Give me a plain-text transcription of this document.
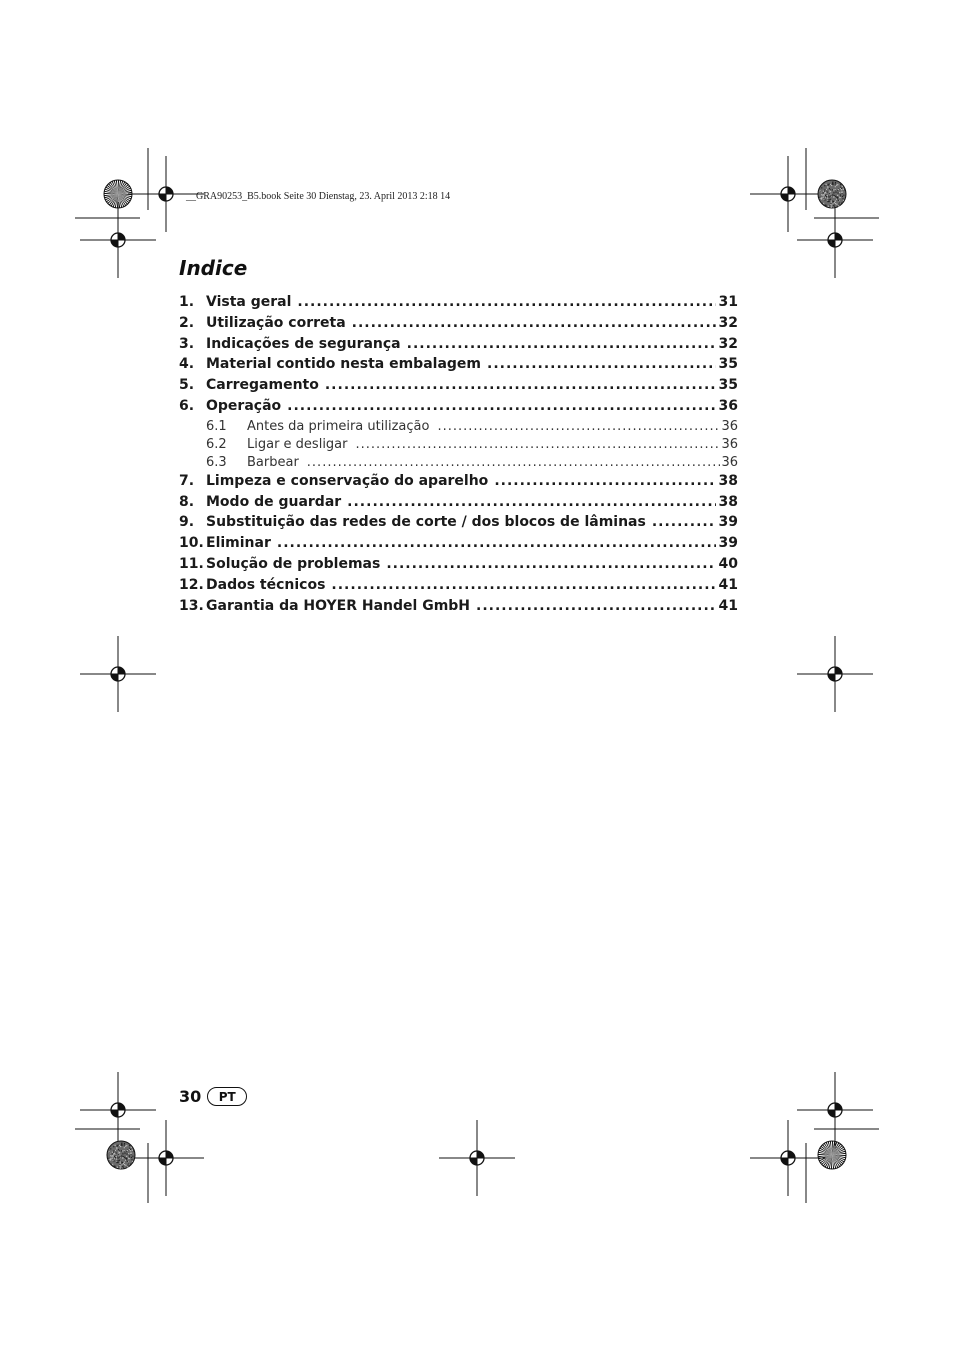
__GRA90253_B5.book Seite 30 Dienstag, 23. April 2013 2:18 14
Indice
1. Vista geral .....	31
2. Utilização correta .....	32
3. Indicações de segurança .....	32
4. Material contido nesta embalagem .....	35
5. Carregamento .....	35
6. Operação .....	36
6.1	Antes da primeira utilização .....	36
6.2	Ligar e desligar .....	36
6.3	Barbear .....	36
7. Limpeza e conservação do aparelho .....	38
8. Modo de guardar .....	38
9. Substituição das redes de corte / dos blocos de lâminas .....	39
10. Eliminar .....	39
11. Solução de problemas .....	40
12. Dados técnicos .....	41
13. Garantia da HOYER Handel GmbH .....	41
30	PT
